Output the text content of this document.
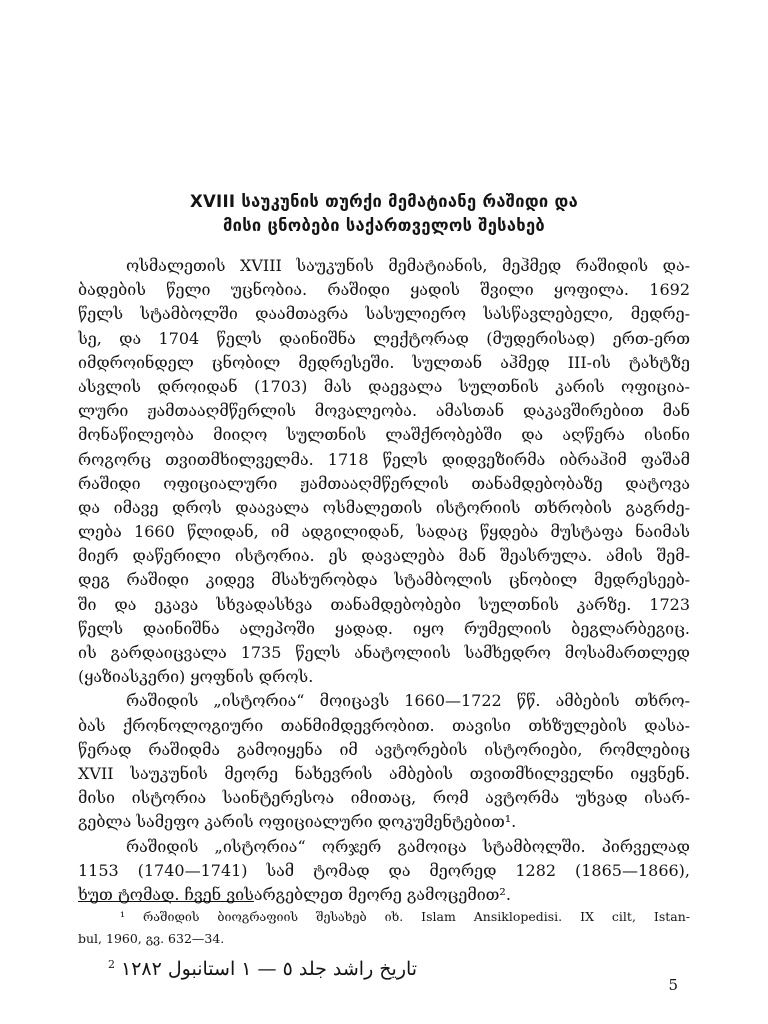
XVIII საუკუნის თურქი მემატიანე რაშიდი და
მისი ცნობები საქართველოს შესახებ
ოსმალეთის XVIII საუკუნის მემატიანის, მეჰმედ რაშიდის და-
ბადების წელი უცნობია. რაშიდი ყადის შვილი ყოფილა. 1692
წელს სტამბოლში დაამთავრა სასულიერო სასწავლებელი, მედრე-
სე, და 1704 წელს დაინიშნა ლექტორად (მუდერისად) ერთ-ერთ
იმდროინდელ ცნობილ მედრესეში. სულთან აჰმედ III-ის ტახტზე
ასვლის დროიდან (1703) მას დაევალა სულთნის კარის ოფიცია-
ლური ჟამთააღმწერლის მოვალეობა. ამასთან დაკავშირებით მან
მონაწილეობა მიიღო სულთნის ლაშქრობებში და აღწერა ისინი
როგორც თვითმხილველმა. 1718 წელს დიდვეზირმა იბრაჰიმ ფაშამ
რაშიდი ოფიციალური ჟამთააღმწერლის თანამდებობაზე დატოვა
და იმავე დროს დაავალა ოსმალეთის ისტორიის თხრობის გაგრძე-
ლება 1660 წლიდან, იმ ადგილიდან, სადაც წყდება მუსტაფა ნაიმას
მიერ დაწერილი ისტორია. ეს დავალება მან შეასრულა. ამის შემ-
დეგ რაშიდი კიდევ მსახურობდა სტამბოლის ცნობილ მედრესეებ-
ში და ეკავა სხვადასხვა თანამდებობები სულთნის კარზე. 1723
წელს დაინიშნა ალეპოში ყადად. იყო რუმელიის ბეგლარბეგიც.
ის გარდაიცვალა 1735 წელს ანატოლიის სამხედრო მოსამართლედ
(ყაზიასკერი) ყოფნის დროს.
რაშიდის „ისტორია“ მოიცავს 1660—1722 წწ. ამბების თხრო-
ბას ქრონოლოგიური თანმიმდევრობით. თავისი თხზულების დასა-
წერად რაშიდმა გამოიყენა იმ ავტორების ისტორიები, რომლებიც
XVII საუკუნის მეორე ნახევრის ამბების თვითმხილველნი იყვნენ.
მისი ისტორია საინტერესოა იმითაც, რომ ავტორმა უხვად ისარ-
გებლა სამეფო კარის ოფიციალური დოკუმენტებით¹.
რაშიდის „ისტორია“ ორჯერ გამოიცა სტამბოლში. პირველად
1153 (1740—1741) სამ ტომად და მეორედ 1282 (1865—1866),
ხუთ ტომად. ჩვენ ვისარგებლეთ მეორე გამოცემით².
¹ რაშიდის ბიოგრაფიის შესახებ იხ. Islam Ansiklopedisi. IX cilt, Istan-
bul, 1960, გვ. 632—34.
$^2$ تاریخ راشد جلد ٥ — ١ استانبول ١٢٨٢
5
